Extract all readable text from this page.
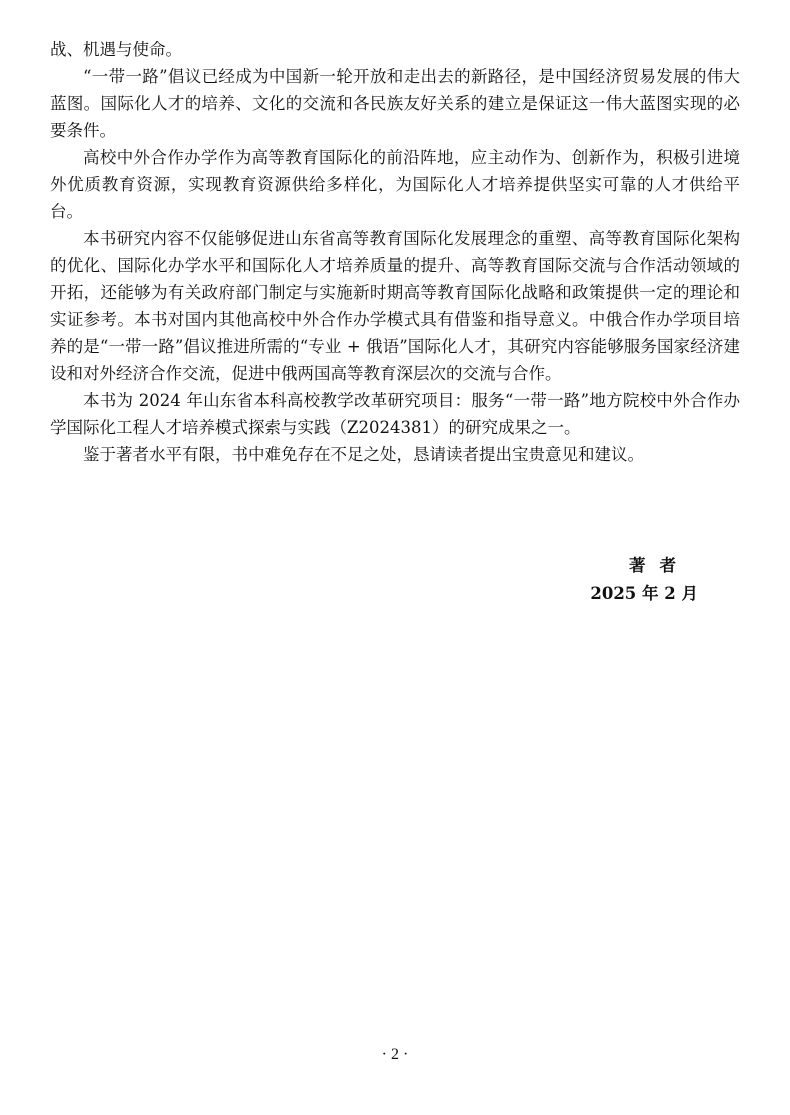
战、机遇与使命。

“一带一路”倡议已经成为中国新一轮开放和走出去的新路径，是中国经济贸易发展的伟大蓝图。国际化人才的培养、文化的交流和各民族友好关系的建立是保证这一伟大蓝图实现的必要条件。

高校中外合作办学作为高等教育国际化的前沿阵地，应主动作为、创新作为，积极引进境外优质教育资源，实现教育资源供给多样化，为国际化人才培养提供坚实可靠的人才供给平台。

本书研究内容不仅能够促进山东省高等教育国际化发展理念的重塑、高等教育国际化架构的优化、国际化办学水平和国际化人才培养质量的提升、高等教育国际交流与合作活动领域的开拓，还能够为有关政府部门制定与实施新时期高等教育国际化战略和政策提供一定的理论和实证参考。本书对国内其他高校中外合作办学模式具有借鉴和指导意义。中俄合作办学项目培养的是“一带一路”倡议推进所需的“专业 + 俄语”国际化人才，其研究内容能够服务国家经济建设和对外经济合作交流，促进中俄两国高等教育深层次的交流与合作。

本书为 2024 年山东省本科高校教学改革研究项目：服务“一带一路”地方院校中外合作办学国际化工程人才培养模式探索与实践（Z2024381）的研究成果之一。

鉴于著者水平有限，书中难免存在不足之处，恳请读者提出宝贵意见和建议。

著者
2025 年 2 月
· 2 ·
